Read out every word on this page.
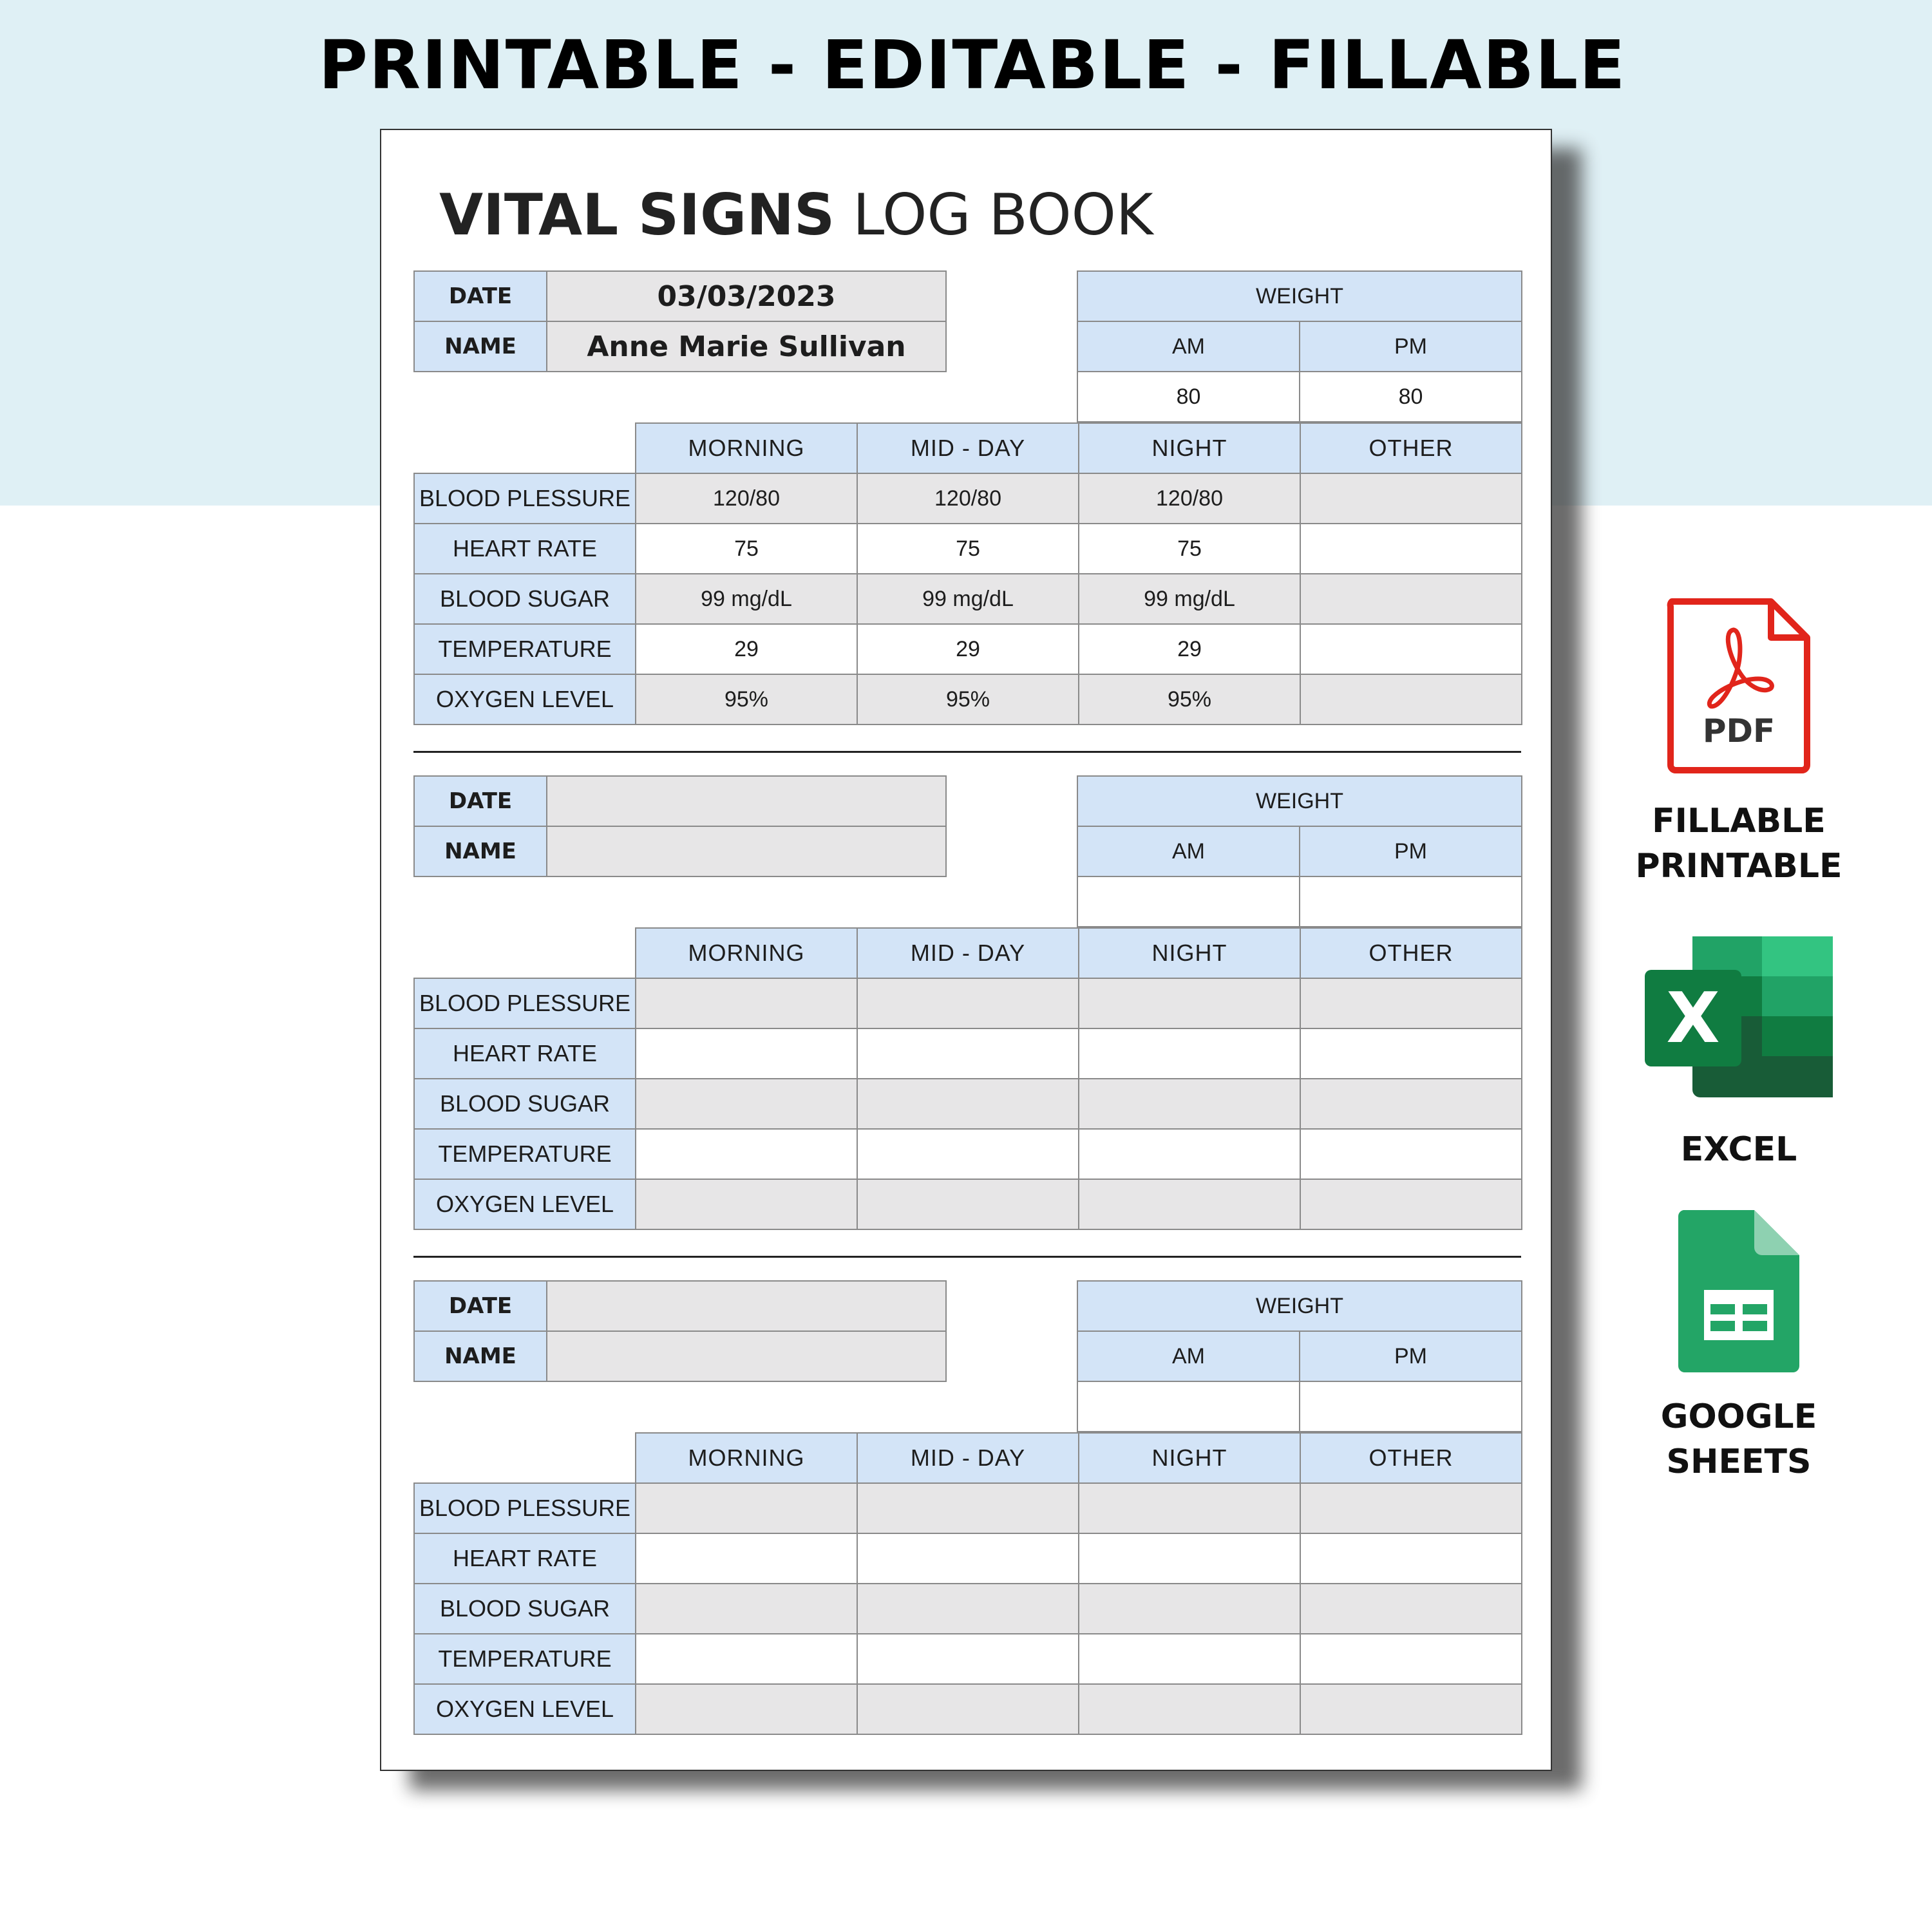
PRINTABLE - EDITABLE - FILLABLE
VITAL SIGNS LOG BOOK
DATE	03/03/2023
NAME	Anne Marie Sullivan
WEIGHT	
AM	PM
80	80
	MORNING	MID - DAY	NIGHT	OTHER
BLOOD PLESSURE	120/80	120/80	120/80	
HEART RATE	75	75	75	
BLOOD SUGAR	99 mg/dL	99 mg/dL	99 mg/dL	
TEMPERATURE	29	29	29	
OXYGEN LEVEL	95%	95%	95%	
DATE	
NAME	
WEIGHT	
AM	PM

	MORNING	MID - DAY	NIGHT	OTHER
BLOOD PLESSURE				
HEART RATE				
BLOOD SUGAR				
TEMPERATURE				
OXYGEN LEVEL				
DATE	
NAME	
WEIGHT	
AM	PM

	MORNING	MID - DAY	NIGHT	OTHER
BLOOD PLESSURE				
HEART RATE				
BLOOD SUGAR				
TEMPERATURE				
OXYGEN LEVEL				
PDF
FILLABLE
PRINTABLE
X
EXCEL
GOOGLE
SHEETS
